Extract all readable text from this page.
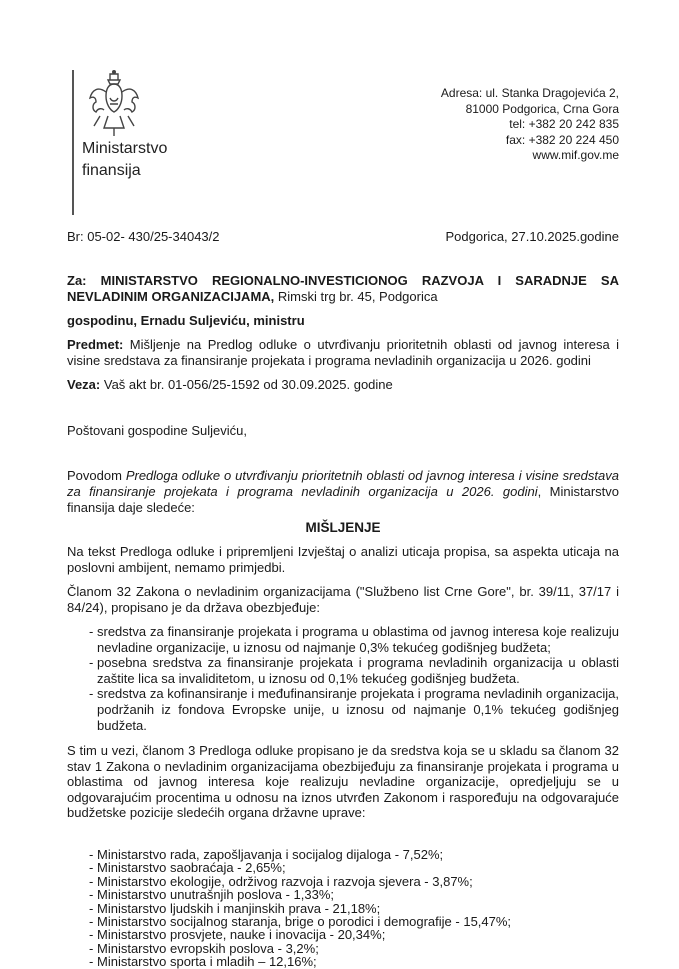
Ministarstvo
finansija
Adresa: ul. Stanka Dragojevića 2,
81000 Podgorica, Crna Gora
tel: +382 20 242 835
fax: +382 20 224 450
www.mif.gov.me
Br: 05-02- 430/25-34043/2	Podgorica, 27.10.2025.godine
Za: MINISTARSTVO REGIONALNO-INVESTICIONOG RAZVOJA I SARADNJE SA NEVLADINIM ORGANIZACIJAMA, Rimski trg br. 45, Podgorica
gospodinu, Ernadu Suljeviću, ministru
Predmet: Mišljenje na Predlog odluke o utvrđivanju prioritetnih oblasti od javnog interesa i visine sredstava za finansiranje projekata i programa nevladinih organizacija u 2026. godini
Veza: Vaš akt br. 01-056/25-1592 od 30.09.2025. godine
Poštovani gospodine Suljeviću,
Povodom Predloga odluke o utvrđivanju prioritetnih oblasti od javnog interesa i visine sredstava za finansiranje projekata i programa nevladinih organizacija u 2026. godini, Ministarstvo finansija daje sledeće:
MIŠLJENJE
Na tekst Predloga odluke i pripremljeni Izvještaj o analizi uticaja propisa, sa aspekta uticaja na poslovni ambijent, nemamo primjedbi.
Članom 32 Zakona o nevladinim organizacijama ("Službeno list Crne Gore", br. 39/11, 37/17 i 84/24), propisano je da država obezbjeđuje:
- sredstva za finansiranje projekata i programa u oblastima od javnog interesa koje realizuju nevladine organizacije, u iznosu od najmanje 0,3% tekućeg godišnjeg budžeta;
- posebna sredstva za finansiranje projekata i programa nevladinih organizacija u oblasti zaštite lica sa invaliditetom, u iznosu od 0,1% tekućeg godišnjeg budžeta.
- sredstva za kofinansiranje i međufinansiranje projekata i programa nevladinih organizacija, podržanih iz fondova Evropske unije, u iznosu od najmanje 0,1% tekućeg godišnjeg budžeta.
S tim u vezi, članom 3 Predloga odluke propisano je da sredstva koja se u skladu sa članom 32 stav 1 Zakona o nevladinim organizacijama obezbijeđuju za finansiranje projekata i programa u oblastima od javnog interesa koje realizuju nevladine organizacije, opredjeljuju se u odgovarajućim procentima u odnosu na iznos utvrđen Zakonom i raspoređuju na odgovarajuće budžetske pozicije sledećih organa državne uprave:
- Ministarstvo rada, zapošljavanja i socijalog dijaloga - 7,52%;
- Ministarstvo saobraćaja - 2,65%;
- Ministarstvo ekologije, održivog razvoja i razvoja sjevera - 3,87%;
- Ministarstvo unutrašnjih poslova - 1,33%;
- Ministarstvo ljudskih i manjinskih prava - 21,18%;
- Ministarstvo socijalnog staranja, brige o porodici i demografije - 15,47%;
- Ministarstvo prosvjete, nauke i inovacija - 20,34%;
- Ministarstvo evropskih poslova - 3,2%;
- Ministarstvo sporta i mladih – 12,16%;
